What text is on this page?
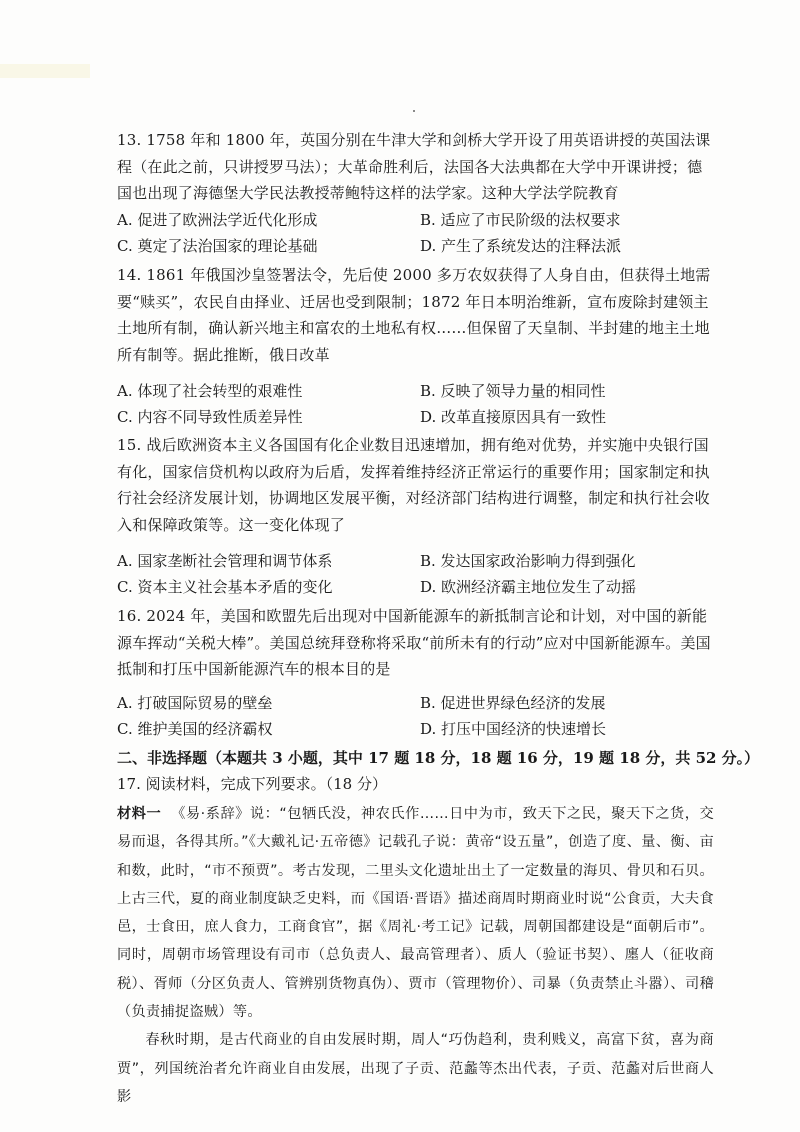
13. 1758 年和 1800 年，英国分别在牛津大学和剑桥大学开设了用英语讲授的英国法课程（在此之前，只讲授罗马法）；大革命胜利后，法国各大法典都在大学中开课讲授；德国也出现了海德堡大学民法教授蒂鲍特这样的法学家。这种大学法学院教育
A. 促进了欧洲法学近代化形成	B. 适应了市民阶级的法权要求
C. 奠定了法治国家的理论基础	D. 产生了系统发达的注释法派
14. 1861 年俄国沙皇签署法令，先后使 2000 多万农奴获得了人身自由，但获得土地需要“赎买”，农民自由择业、迁居也受到限制；1872 年日本明治维新，宣布废除封建领主土地所有制，确认新兴地主和富农的土地私有权……但保留了天皇制、半封建的地主土地所有制等。据此推断，俄日改革
A. 体现了社会转型的艰难性	B. 反映了领导力量的相同性
C. 内容不同导致性质差异性	D. 改革直接原因具有一致性
15. 战后欧洲资本主义各国国有化企业数目迅速增加，拥有绝对优势，并实施中央银行国有化，国家信贷机构以政府为后盾，发挥着维持经济正常运行的重要作用；国家制定和执行社会经济发展计划，协调地区发展平衡，对经济部门结构进行调整，制定和执行社会收入和保障政策等。这一变化体现了
A. 国家垄断社会管理和调节体系	B. 发达国家政治影响力得到强化
C. 资本主义社会基本矛盾的变化	D. 欧洲经济霸主地位发生了动摇
16. 2024 年，美国和欧盟先后出现对中国新能源车的新抵制言论和计划，对中国的新能源车挥动“关税大棒”。美国总统拜登称将采取“前所未有的行动”应对中国新能源车。美国抵制和打压中国新能源汽车的根本目的是
A. 打破国际贸易的壁垒	B. 促进世界绿色经济的发展
C. 维护美国的经济霸权	D. 打压中国经济的快速增长
二、非选择题（本题共 3 小题，其中 17 题 18 分，18 题 16 分，19 题 18 分，共 52 分。）
17. 阅读材料，完成下列要求。（18 分）

材料一 《易·系辞》说：“包牺氏没，神农氏作……日中为市，致天下之民，聚天下之货，交易而退，各得其所。”《大戴礼记·五帝德》记载孔子说：黄帝“设五量”，创造了度、量、衡、亩和数，此时，“市不预贾”。考古发现，二里头文化遗址出土了一定数量的海贝、骨贝和石贝。上古三代，夏的商业制度缺乏史料，而《国语·晋语》描述商周时期商业时说“公食贡，大夫食邑，士食田，庶人食力，工商食官”，据《周礼·考工记》记载，周朝国都建设是“面朝后市”。同时，周朝市场管理设有司市（总负责人、最高管理者）、质人（验证书契）、廛人（征收商税）、胥师（分区负责人、管辨别货物真伪）、贾市（管理物价）、司暴（负责禁止斗嚣）、司稽（负责捕捉盗贼）等。

春秋时期，是古代商业的自由发展时期，周人“巧伪趋利，贵利贱义，高富下贫，喜为商贾”，列国统治者允许商业自由发展，出现了子贡、范蠡等杰出代表，子贡、范蠡对后世商人影
